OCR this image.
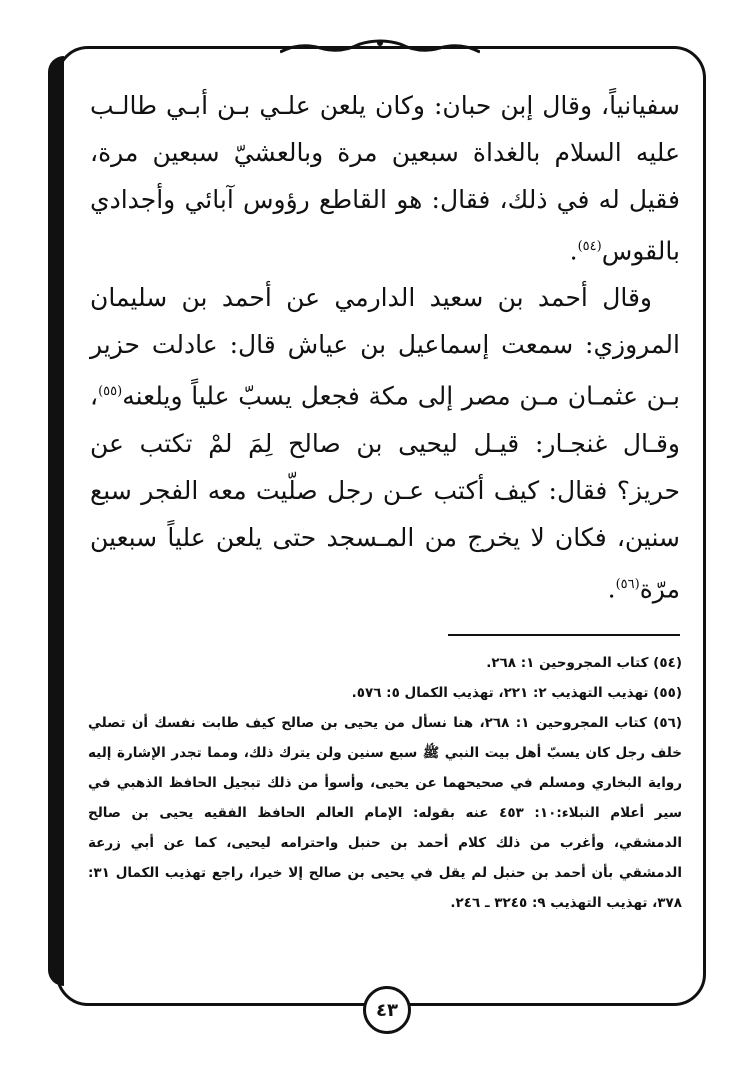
سفيانياً، وقال إبن حبان: وكان يلعن علـي بـن أبـي طالـب عليه السلام بالغداة سبعين مرة وبالعشيّ سبعين مرة، فقيل له في ذلك، فقال: هو القاطع رؤوس آبائي وأجدادي بالقوس$^{(٥٤)}$.

وقال أحمد بن سعيد الدارمي عن أحمد بن سليمان المروزي: سمعت إسماعيل بن عياش قال: عادلت حزير بـن عثمـان مـن مصر إلى مكة فجعل يسبّ علياً ويلعنه$^{(٥٥)}$، وقـال غنجـار: قيـل ليحيى بن صالح لِمَ لمْ تكتب عن حريز؟ فقال: كيف أكتب عـن رجل صلّيت معه الفجر سبع سنين، فكان لا يخرج من المـسجد حتى يلعن علياً سبعين مرّة$^{(٥٦)}$.

(٥٤) كتاب المجروحين ١: ٢٦٨.

(٥٥) تهذيب التهذيب ٢: ٢٢١، تهذيب الكمال ٥: ٥٧٦.

(٥٦) كتاب المجروحين ١: ٢٦٨، هنا نسأل من يحيى بن صالح كيف طابت نفسك أن تصلي خلف رجل كان يسبّ أهل بيت النبي ﷺ سبع سنين ولن يترك ذلك، ومما تجدر الإشارة إليه رواية البخاري ومسلم في صحيحهما عن يحيى، وأسوأ من ذلك تبجيل الحافظ الذهبي في سير أعلام النبلاء:١٠: ٤٥٣ عنه بقوله: الإمام العالم الحافظ الفقيه يحيى بن صالح الدمشقي، وأغرب من ذلك كلام أحمد بن حنبل واحترامه ليحيى، كما عن أبي زرعة الدمشقي بأن أحمد بن حنبل لم يقل في يحيى بن صالح إلا خيرا، راجع تهذيب الكمال ٣١: ٣٧٨، تهذيب التهذيب ٩: ٣٢٤٥ ـ ٢٤٦.

٤٣
